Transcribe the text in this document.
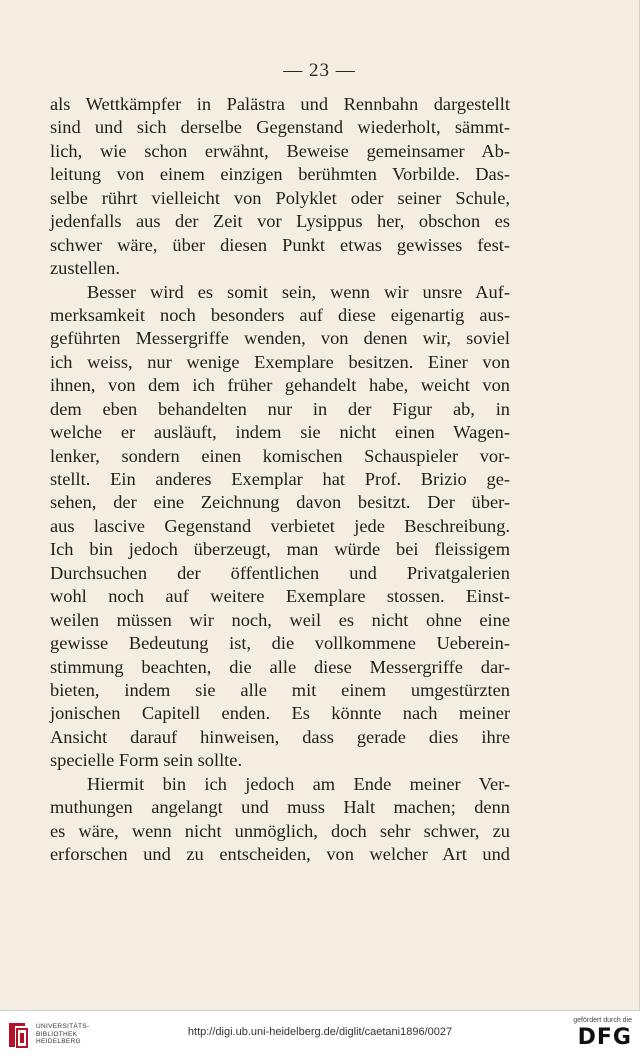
— 23 —
als Wettkämpfer in Palästra und Rennbahn dargestellt
sind und sich derselbe Gegenstand wiederholt, sämmt-
lich, wie schon erwähnt, Beweise gemeinsamer Ab-
leitung von einem einzigen berühmten Vorbilde. Das-
selbe rührt vielleicht von Polyklet oder seiner Schule,
jedenfalls aus der Zeit vor Lysippus her, obschon es
schwer wäre, über diesen Punkt etwas gewisses fest-
zustellen.
Besser wird es somit sein, wenn wir unsre Auf-
merksamkeit noch besonders auf diese eigenartig aus-
geführten Messergriffe wenden, von denen wir, soviel
ich weiss, nur wenige Exemplare besitzen. Einer von
ihnen, von dem ich früher gehandelt habe, weicht von
dem eben behandelten nur in der Figur ab, in
welche er ausläuft, indem sie nicht einen Wagen-
lenker, sondern einen komischen Schauspieler vor-
stellt. Ein anderes Exemplar hat Prof. Brizio ge-
sehen, der eine Zeichnung davon besitzt. Der über-
aus lascive Gegenstand verbietet jede Beschreibung.
Ich bin jedoch überzeugt, man würde bei fleissigem
Durchsuchen der öffentlichen und Privatgalerien
wohl noch auf weitere Exemplare stossen. Einst-
weilen müssen wir noch, weil es nicht ohne eine
gewisse Bedeutung ist, die vollkommene Ueberein-
stimmung beachten, die alle diese Messergriffe dar-
bieten, indem sie alle mit einem umgestürzten
jonischen Capitell enden. Es könnte nach meiner
Ansicht darauf hinweisen, dass gerade dies ihre
specielle Form sein sollte.
Hiermit bin ich jedoch am Ende meiner Ver-
muthungen angelangt und muss Halt machen; denn
es wäre, wenn nicht unmöglich, doch sehr schwer, zu
erforschen und zu entscheiden, von welcher Art und
UNIVERSITÄTS-
BIBLIOTHEK
HEIDELBERG
http://digi.ub.uni-heidelberg.de/diglit/caetani1896/0027
gefördert durch die
DFG
